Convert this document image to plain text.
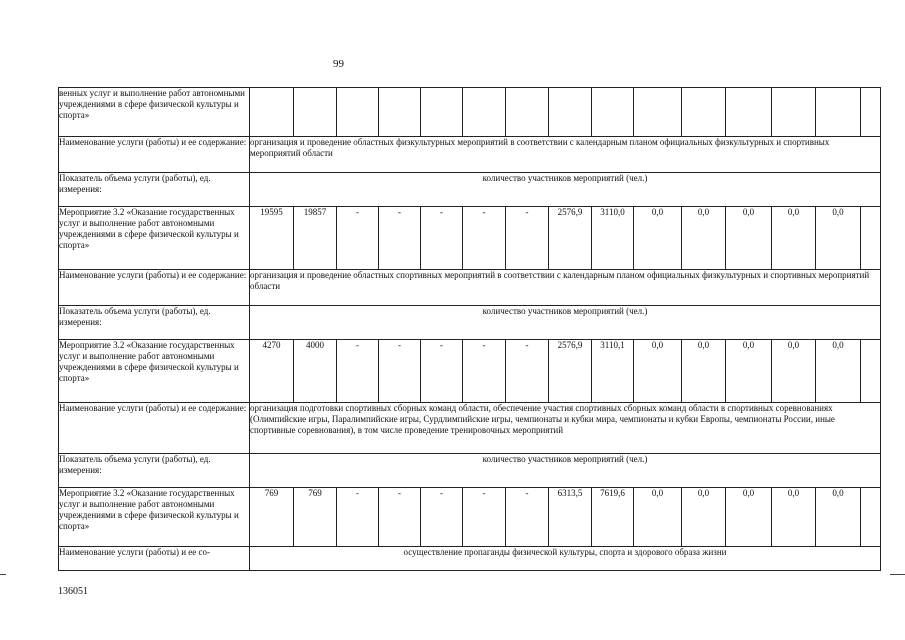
99
венных услуг и выполнение работ автономными учреждениями в сфере физической культуры и спорта»															
Наименование услуги (работы) и ее содержание:	организация и проведение областных физкультурных мероприятий в соответствии с календарным планом официальных физкультурных и спортивных мероприятий области														
Показатель объема услуги (работы), ед. измерения:	количество участников мероприятий (чел.)														
Мероприятие 3.2 «Оказание государственных услуг и выполнение работ автономными учреждениями в сфере физической культуры и спорта»	19595	19857	-	-	-	-	-	2576,9	3110,0	0,0	0,0	0,0	0,0	0,0	
Наименование услуги (работы) и ее содержание:	организация и проведение областных спортивных мероприятий в соответствии с календарным планом официальных физкультурных и спортивных мероприятий области														
Показатель объема услуги (работы), ед. измерения:	количество участников мероприятий (чел.)														
Мероприятие 3.2 «Оказание государственных услуг и выполнение работ автономными учреждениями в сфере физической культуры и спорта»	4270	4000	-	-	-	-	-	2576,9	3110,1	0,0	0,0	0,0	0,0	0,0	
Наименование услуги (работы) и ее содержание:	организация подготовки спортивных сборных команд области, обеспечение участия спортивных сборных команд области в спортивных соревнованиях (Олимпийские игры, Паралимпийские игры, Сурдлимпийские игры, чемпионаты и кубки мира, чемпионаты и кубки Европы, чемпионаты России, иные спортивные соревнования), в том числе проведение тренировочных мероприятий														
Показатель объема услуги (работы), ед. измерения:	количество участников мероприятий (чел.)														
Мероприятие 3.2 «Оказание государственных услуг и выполнение работ автономными учреждениями в сфере физической культуры и спорта»	769	769	-	-	-	-	-	6313,5	7619,6	0,0	0,0	0,0	0,0	0,0	
Наименование услуги (работы) и ее со-	осуществление пропаганды физической культуры, спорта и здорового образа жизни														
136051
